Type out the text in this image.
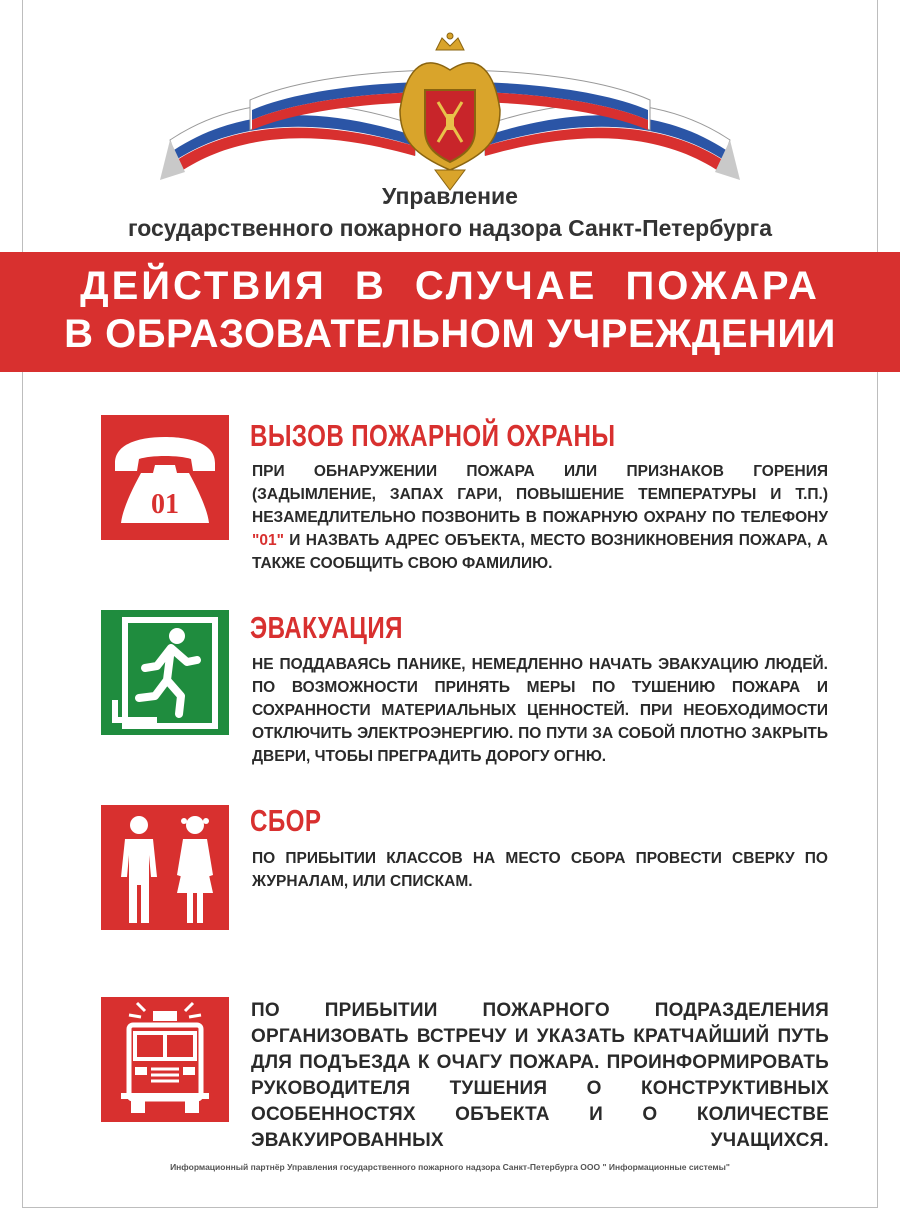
Управление
государственного пожарного надзора Санкт-Петербурга
ДЕЙСТВИЯ В СЛУЧАЕ ПОЖАРА
В ОБРАЗОВАТЕЛЬНОМ УЧРЕЖДЕНИИ
01
ВЫЗОВ ПОЖАРНОЙ ОХРАНЫ
ПРИ ОБНАРУЖЕНИИ ПОЖАРА ИЛИ ПРИЗНАКОВ ГОРЕНИЯ (ЗАДЫМЛЕНИЕ, ЗАПАХ ГАРИ, ПОВЫШЕНИЕ ТЕМПЕРАТУРЫ И Т.П.) НЕЗАМЕДЛИТЕЛЬНО ПОЗВОНИТЬ В ПОЖАРНУЮ ОХРАНУ ПО ТЕЛЕФОНУ "01" И НАЗВАТЬ АДРЕС ОБЪЕКТА, МЕСТО ВОЗНИКНОВЕНИЯ ПОЖАРА, А ТАКЖЕ СООБЩИТЬ СВОЮ ФАМИЛИЮ.
ЭВАКУАЦИЯ
НЕ ПОДДАВАЯСЬ ПАНИКЕ, НЕМЕДЛЕННО НАЧАТЬ ЭВАКУАЦИЮ ЛЮДЕЙ. ПО ВОЗМОЖНОСТИ ПРИНЯТЬ МЕРЫ ПО ТУШЕНИЮ ПОЖАРА И СОХРАННОСТИ МАТЕРИАЛЬНЫХ ЦЕННОСТЕЙ. ПРИ НЕОБХОДИМОСТИ ОТКЛЮЧИТЬ ЭЛЕКТРОЭНЕРГИЮ. ПО ПУТИ ЗА СОБОЙ ПЛОТНО ЗАКРЫТЬ ДВЕРИ, ЧТОБЫ ПРЕГРАДИТЬ ДОРОГУ ОГНЮ.
СБОР
ПО ПРИБЫТИИ КЛАССОВ НА МЕСТО СБОРА ПРОВЕСТИ СВЕРКУ ПО ЖУРНАЛАМ, ИЛИ СПИСКАМ.
ПО ПРИБЫТИИ ПОЖАРНОГО ПОДРАЗДЕЛЕНИЯ ОРГАНИЗОВАТЬ ВСТРЕЧУ И УКАЗАТЬ КРАТЧАЙШИЙ ПУТЬ ДЛЯ ПОДЪЕЗДА К ОЧАГУ ПОЖАРА. ПРОИНФОРМИРОВАТЬ РУКОВОДИТЕЛЯ ТУШЕНИЯ О КОНСТРУКТИВНЫХ ОСОБЕННОСТЯХ ОБЪЕКТА И О КОЛИЧЕСТВЕ ЭВАКУИРОВАННЫХ УЧАЩИХСЯ.
Информационный партнёр Управления государственного пожарного надзора Санкт-Петербурга ООО " Информационные системы"
